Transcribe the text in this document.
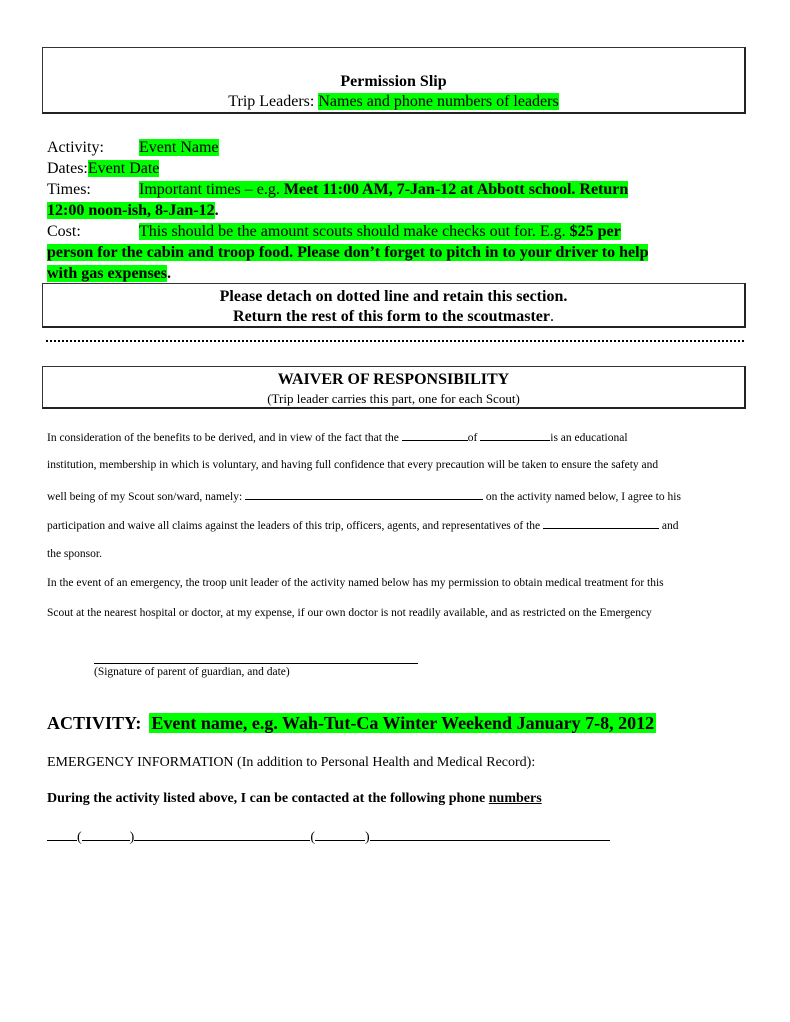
Permission Slip
Trip Leaders: Names and phone numbers of leaders
Activity: Event Name
Dates:Event Date
Times:	Important times – e.g. Meet 11:00 AM, 7-Jan-12 at Abbott school. Return
12:00 noon-ish, 8-Jan-12.
Cost:	This should be the amount scouts should make checks out for. E.g. $25 per
person for the cabin and troop food. Please don’t forget to pitch in to your driver to help
with gas expenses.
Please detach on dotted line and retain this section.
Return the rest of this form to the scoutmaster.
WAIVER OF RESPONSIBILITY
(Trip leader carries this part, one for each Scout)
In consideration of the benefits to be derived, and in view of the fact that the	of	is an educational
institution, membership in which is voluntary, and having full confidence that every precaution will be taken to ensure the safety and
well being of my Scout son/ward, namely:	on the activity named below, I agree to his
participation and waive all claims against the leaders of this trip, officers, agents, and representatives of the	and
the sponsor.
In the event of an emergency, the troop unit leader of the activity named below has my permission to obtain medical treatment for this
Scout at the nearest hospital or doctor, at my expense, if our own doctor is not readily available, and as restricted on the Emergency
(Signature of parent of guardian, and date)
ACTIVITY: Event name, e.g. Wah-Tut-Ca Winter Weekend January 7-8, 2012
EMERGENCY INFORMATION (In addition to Personal Health and Medical Record):
During the activity listed above, I can be contacted at the following phone numbers
(	)	(	)
